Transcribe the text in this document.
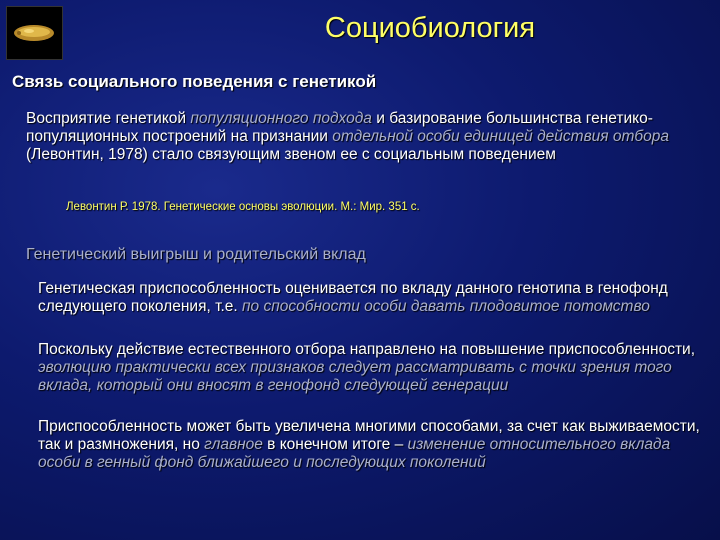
Социобиология
Связь социального поведения с генетикой
Восприятие генетикой популяционного подхода и базирование большинства генетико-популяционных построений на признании отдельной особи единицей действия отбора (Левонтин, 1978) стало связующим звеном ее с социальным поведением
Левонтин Р. 1978. Генетические основы эволюции. М.: Мир. 351 с.
Генетический выигрыш и родительский вклад
Генетическая приспособленность оценивается по вкладу данного генотипа в генофонд следующего поколения, т.е. по способности особи давать плодовитое потомство
Поскольку действие естественного отбора направлено на повышение приспособленности, эволюцию практически всех признаков следует рассматривать с точки зрения того вклада, который они вносят в генофонд следующей генерации
Приспособленность может быть увеличена многими способами, за счет как выживаемости, так и размножения, но главное в конечном итоге – изменение относительного вклада особи в генный фонд ближайшего и последующих поколений
